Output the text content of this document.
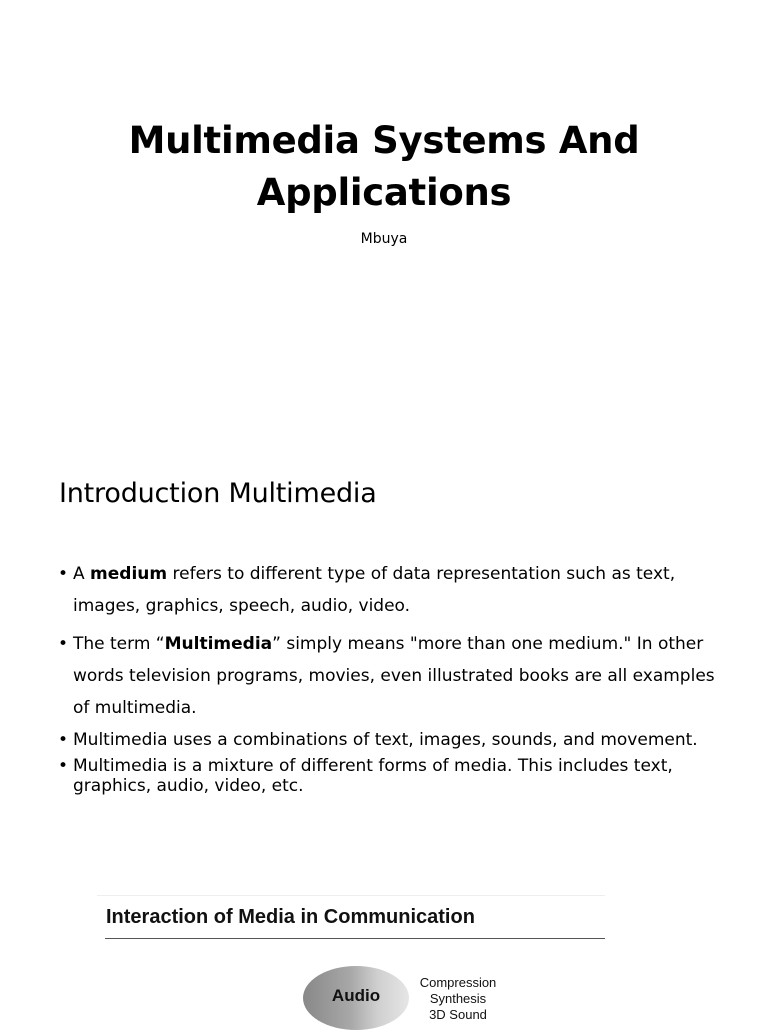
Multimedia Systems And Applications
Mbuya
Introduction Multimedia
• A medium refers to different type of data representation such as text, images, graphics, speech, audio, video.
• The term “Multimedia” simply means "more than one medium." In other words television programs, movies, even illustrated books are all examples of multimedia.
• Multimedia uses a combinations of text, images, sounds, and movement.
• Multimedia is a mixture of different forms of media. This includes text, graphics, audio, video, etc.
Interaction of Media in Communication
Audio
Compression
Synthesis
3D Sound
